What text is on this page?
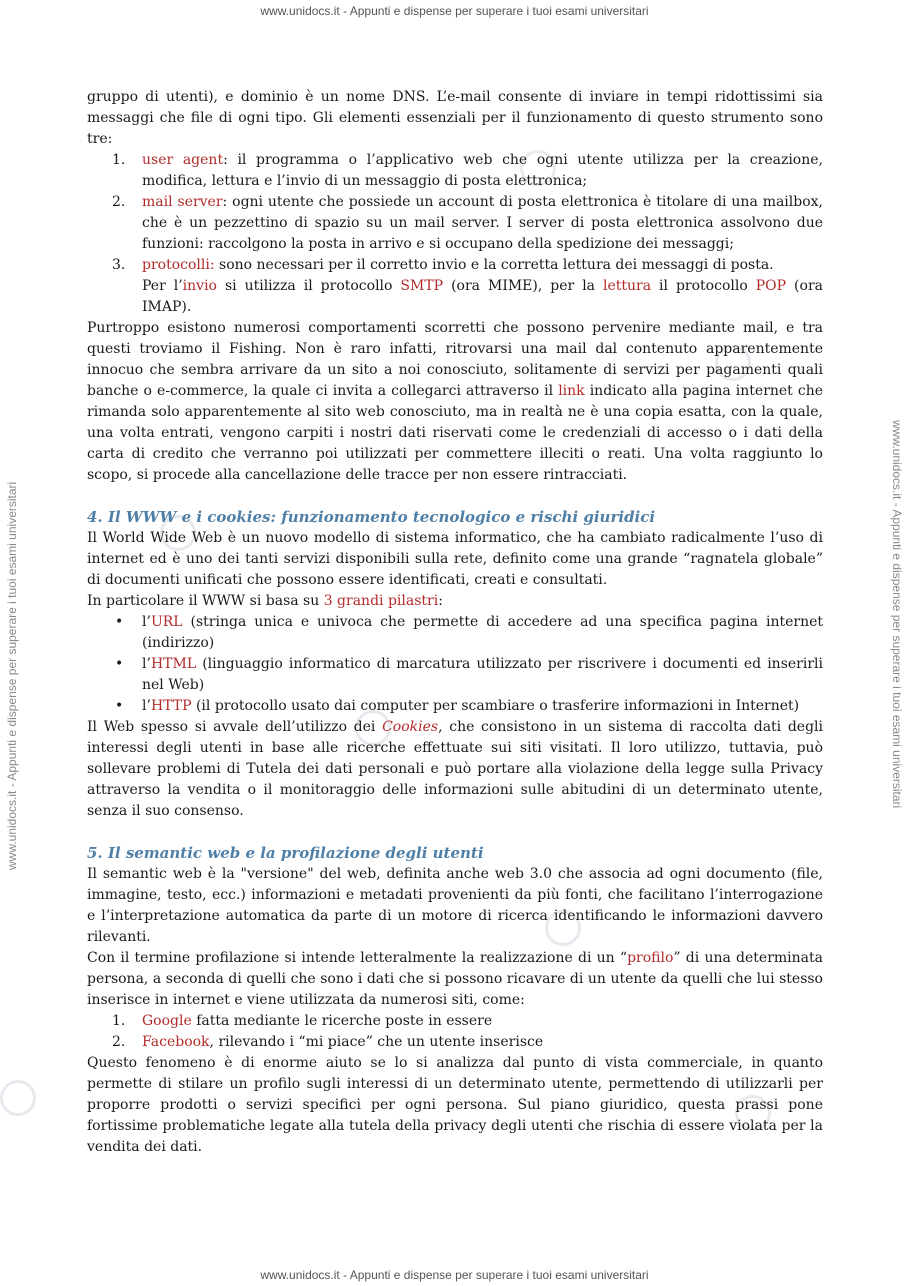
www.unidocs.it - Appunti e dispense per superare i tuoi esami universitari
www.unidocs.it - Appunti e dispense per superare i tuoi esami universitari	www.unidocs.it - Appunti e dispense per superare i tuoi esami universitari

gruppo di utenti), e dominio è un nome DNS. L’e-mail consente di inviare in tempi ridottissimi sia messaggi che file di ogni tipo. Gli elementi essenziali per il funzionamento di questo strumento sono tre:

1. user agent: il programma o l’applicativo web che ogni utente utilizza per la creazione, modifica, lettura e l’invio di un messaggio di posta elettronica;
2. mail server: ogni utente che possiede un account di posta elettronica è titolare di una mailbox, che è un pezzettino di spazio su un mail server. I server di posta elettronica assolvono due funzioni: raccolgono la posta in arrivo e si occupano della spedizione dei messaggi;
3. protocolli: sono necessari per il corretto invio e la corretta lettura dei messaggi di posta.

Per l’invio si utilizza il protocollo SMTP (ora MIME), per la lettura il protocollo POP (ora IMAP).

Purtroppo esistono numerosi comportamenti scorretti che possono pervenire mediante mail, e tra questi troviamo il Fishing. Non è raro infatti, ritrovarsi una mail dal contenuto apparentemente innocuo che sembra arrivare da un sito a noi conosciuto, solitamente di servizi per pagamenti quali banche o e-commerce, la quale ci invita a collegarci attraverso il link indicato alla pagina internet che rimanda solo apparentemente al sito web conosciuto, ma in realtà ne è una copia esatta, con la quale, una volta entrati, vengono carpiti i nostri dati riservati come le credenziali di accesso o i dati della carta di credito che verranno poi utilizzati per commettere illeciti o reati. Una volta raggiunto lo scopo, si procede alla cancellazione delle tracce per non essere rintracciati.

4. Il WWW e i cookies: funzionamento tecnologico e rischi giuridici

Il World Wide Web è un nuovo modello di sistema informatico, che ha cambiato radicalmente l’uso di internet ed è uno dei tanti servizi disponibili sulla rete, definito come una grande “ragnatela globale” di documenti unificati che possono essere identificati, creati e consultati.

In particolare il WWW si basa su 3 grandi pilastri:

• l’URL (stringa unica e univoca che permette di accedere ad una specifica pagina internet (indirizzo)
• l’HTML (linguaggio informatico di marcatura utilizzato per riscrivere i documenti ed inserirli nel Web)
• l’HTTP (il protocollo usato dai computer per scambiare o trasferire informazioni in Internet)

Il Web spesso si avvale dell’utilizzo dei Cookies, che consistono in un sistema di raccolta dati degli interessi degli utenti in base alle ricerche effettuate sui siti visitati. Il loro utilizzo, tuttavia, può sollevare problemi di Tutela dei dati personali e può portare alla violazione della legge sulla Privacy attraverso la vendita o il monitoraggio delle informazioni sulle abitudini di un determinato utente, senza il suo consenso.

5. Il semantic web e la profilazione degli utenti

Il semantic web è la "versione" del web, definita anche web 3.0 che associa ad ogni documento (file, immagine, testo, ecc.) informazioni e metadati provenienti da più fonti, che facilitano l’interrogazione e l’interpretazione automatica da parte di un motore di ricerca identificando le informazioni davvero rilevanti.

Con il termine profilazione si intende letteralmente la realizzazione di un “profilo” di una determinata persona, a seconda di quelli che sono i dati che si possono ricavare di un utente da quelli che lui stesso inserisce in internet e viene utilizzata da numerosi siti, come:

1. Google fatta mediante le ricerche poste in essere
2. Facebook, rilevando i “mi piace” che un utente inserisce

Questo fenomeno è di enorme aiuto se lo si analizza dal punto di vista commerciale, in quanto permette di stilare un profilo sugli interessi di un determinato utente, permettendo di utilizzarli per proporre prodotti o servizi specifici per ogni persona. Sul piano giuridico, questa prassi pone fortissime problematiche legate alla tutela della privacy degli utenti che rischia di essere violata per la vendita dei dati.

www.unidocs.it - Appunti e dispense per superare i tuoi esami universitari
